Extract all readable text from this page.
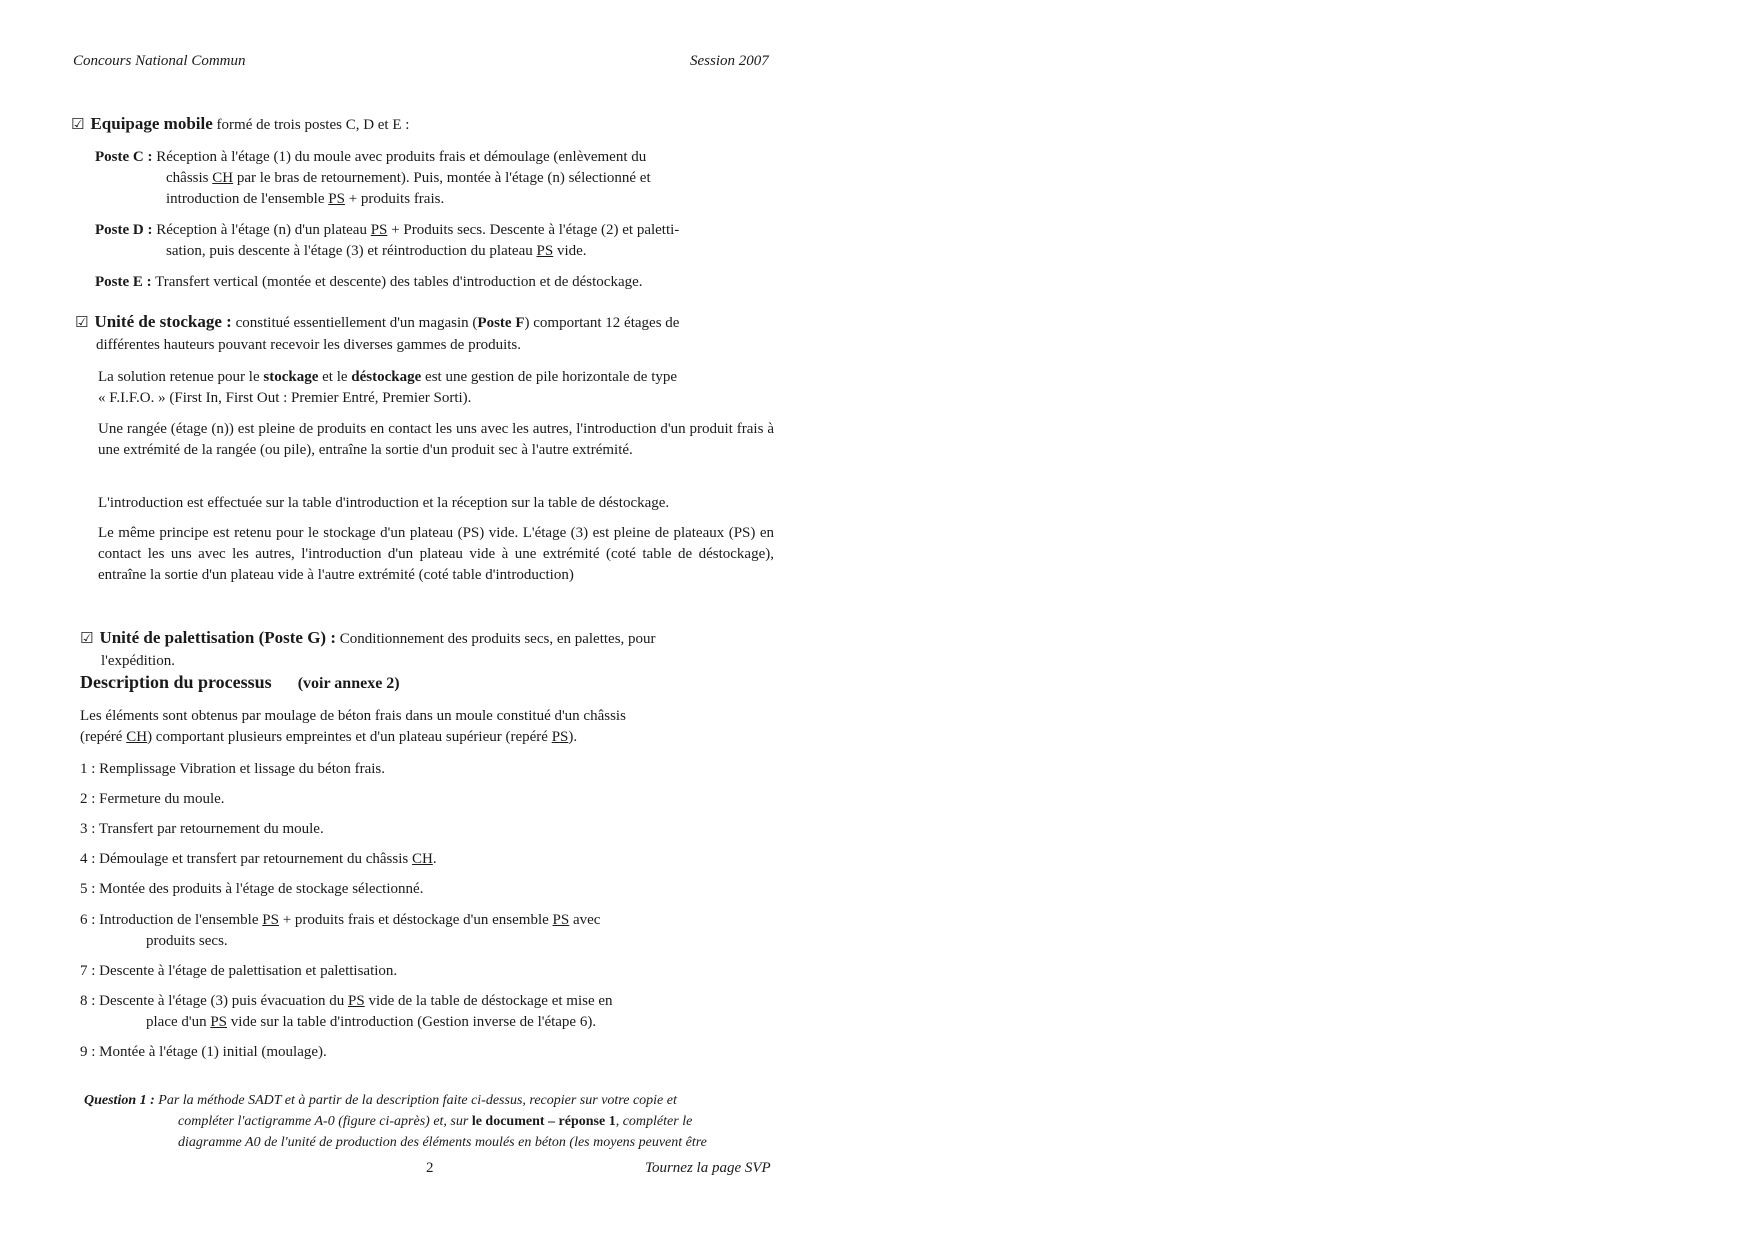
Concours National Commun	Session 2007
☑ Equipage mobile formé de trois postes C, D et E :
Poste C : Réception à l'étage (1) du moule avec produits frais et démoulage (enlèvement du
châssis CH par le bras de retournement). Puis, montée à l'étage (n) sélectionné et
introduction de l'ensemble PS + produits frais.
Poste D : Réception à l'étage (n) d'un plateau PS + Produits secs. Descente à l'étage (2) et paletti-
sation, puis descente à l'étage (3) et réintroduction du plateau PS vide.
Poste E : Transfert vertical (montée et descente) des tables d'introduction et de déstockage.
☑ Unité de stockage : constitué essentiellement d'un magasin (Poste F) comportant 12 étages de
différentes hauteurs pouvant recevoir les diverses gammes de produits.
La solution retenue pour le stockage et le déstockage est une gestion de pile horizontale de type
« F.I.F.O. » (First In, First Out : Premier Entré, Premier Sorti).
Une rangée (étage (n)) est pleine de produits en contact les uns avec les autres, l'introduction d'un produit frais à une extrémité de la rangée (ou pile), entraîne la sortie d'un produit sec à l'autre extrémité.
L'introduction est effectuée sur la table d'introduction et la réception sur la table de déstockage.
Le même principe est retenu pour le stockage d'un plateau (PS) vide. L'étage (3) est pleine de plateaux (PS) en contact les uns avec les autres, l'introduction d'un plateau vide à une extrémité (coté table de déstockage), entraîne la sortie d'un plateau vide à l'autre extrémité (coté table d'introduction)
☑ Unité de palettisation (Poste G) : Conditionnement des produits secs, en palettes, pour
l'expédition.
Description du processus (voir annexe 2)
Les éléments sont obtenus par moulage de béton frais dans un moule constitué d'un châssis
(repéré CH) comportant plusieurs empreintes et d'un plateau supérieur (repéré PS).
1 : Remplissage Vibration et lissage du béton frais.
2 : Fermeture du moule.
3 : Transfert par retournement du moule.
4 : Démoulage et transfert par retournement du châssis CH.
5 : Montée des produits à l'étage de stockage sélectionné.
6 : Introduction de l'ensemble PS + produits frais et déstockage d'un ensemble PS avec
produits secs.
7 : Descente à l'étage de palettisation et palettisation.
8 : Descente à l'étage (3) puis évacuation du PS vide de la table de déstockage et mise en
place d'un PS vide sur la table d'introduction (Gestion inverse de l'étape 6).
9 : Montée à l'étage (1) initial (moulage).
Question 1 : Par la méthode SADT et à partir de la description faite ci-dessus, recopier sur votre copie et
compléter l'actigramme A-0 (figure ci-après) et, sur le document – réponse 1, compléter le
diagramme A0 de l'unité de production des éléments moulés en béton (les moyens peuvent être
2	Tournez la page SVP
